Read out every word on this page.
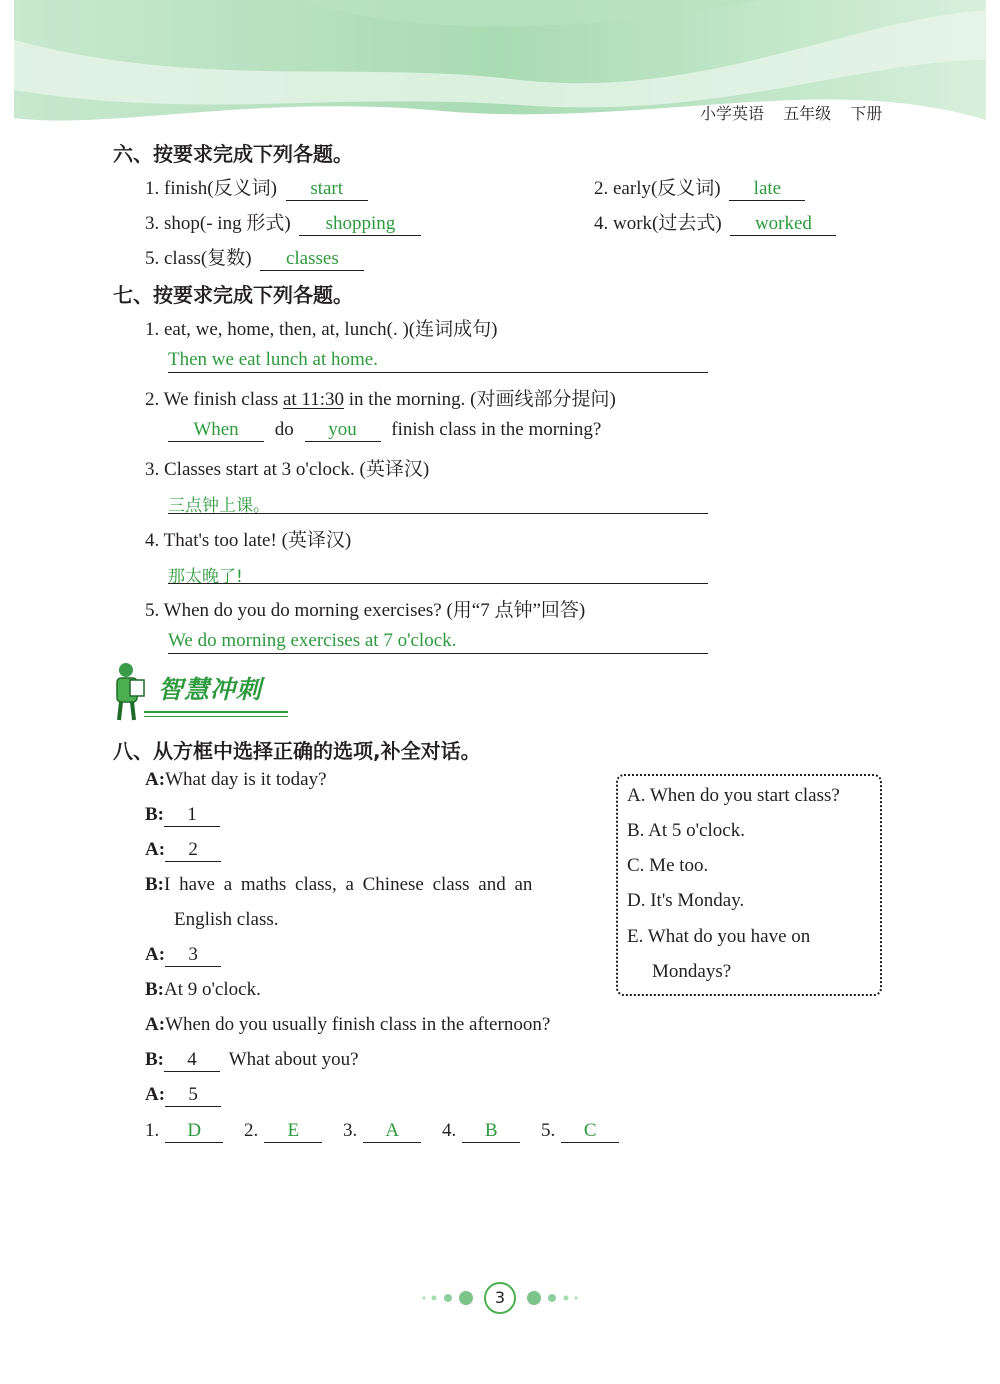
小学英语 五年级 下册
六、按要求完成下列各题。
1. finish(反义词) start	2. early(反义词) late
3. shop(- ing 形式) shopping	4. work(过去式) worked
5. class(复数) classes
七、按要求完成下列各题。
1. eat, we, home, then, at, lunch(. )(连词成句)
Then we eat lunch at home.
2. We finish class at 11:30 in the morning. (对画线部分提问)
When do you finish class in the morning?
3. Classes start at 3 o'clock. (英译汉)
三点钟上课。
4. That's too late! (英译汉)
那太晚了!
5. When do you do morning exercises? (用“7 点钟”回答)
We do morning exercises at 7 o'clock.
智慧冲刺
八、从方框中选择正确的选项,补全对话。
A:What day is it today?
B: 1
A: 2
B:I have a maths class, a Chinese class and an
English class.
A: 3
B:At 9 o'clock.
A:When do you usually finish class in the afternoon?
B: 4 What about you?
A: 5
A. When do you start class?
B. At 5 o'clock.
C. Me too.
D. It's Monday.
E. What do you have on
Mondays?
1. D 2. E 3. A 4. B 5. C
3
